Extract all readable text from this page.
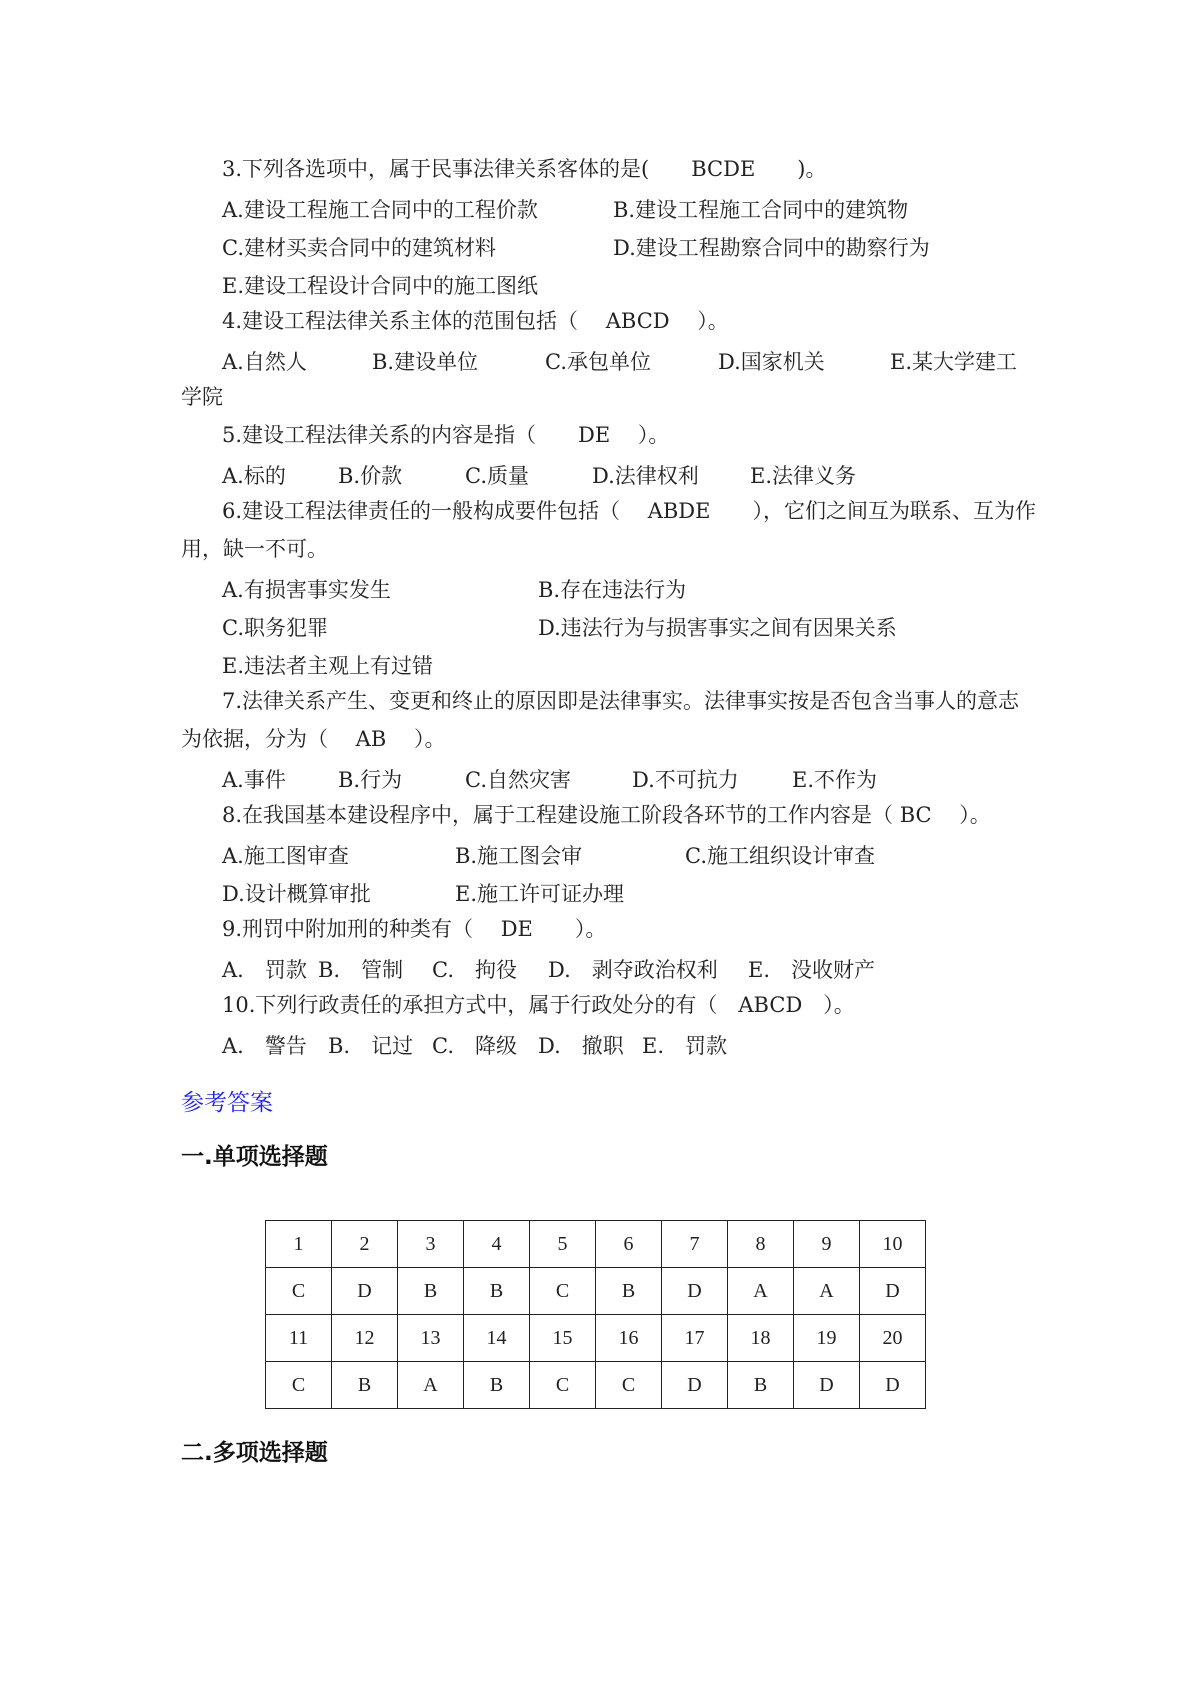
3.下列各选项中，属于民事法律关系客体的是(　　BCDE　　)。
A.建设工程施工合同中的工程价款	B.建设工程施工合同中的建筑物
C.建材买卖合同中的建筑材料	D.建设工程勘察合同中的勘察行为
E.建设工程设计合同中的施工图纸
4.建设工程法律关系主体的范围包括（　 ABCD　 ）。
A.自然人	B.建设单位	C.承包单位	D.国家机关	E.某大学建工
学院
5.建设工程法律关系的内容是指（　　DE　 ）。
A.标的 B.价款	C.质量	D.法律权利 E.法律义务
6.建设工程法律责任的一般构成要件包括（　 ABDE　　），它们之间互为联系、互为作
用，缺一不可。
A.有损害事实发生	B.存在违法行为
C.职务犯罪	D.违法行为与损害事实之间有因果关系
E.违法者主观上有过错
7.法律关系产生、变更和终止的原因即是法律事实。法律事实按是否包含当事人的意志
为依据，分为（　 AB　 ）。
A.事件 B.行为	C.自然灾害	D.不可抗力	E.不作为
8.在我国基本建设程序中，属于工程建设施工阶段各环节的工作内容是（ BC　 ）。
A.施工图审查	B.施工图会审	C.施工组织设计审查
D.设计概算审批	E.施工许可证办理
9.刑罚中附加刑的种类有（　 DE　　）。
A.　罚款 B.　管制 C.　拘役 D.　剥夺政治权利 E.　没收财产
10.下列行政责任的承担方式中，属于行政处分的有（　ABCD　）。
A.　警告 B.　记过 C.　降级 D.　撤职 E.　罚款
参考答案
一.单项选择题
1	2	3	4	5	6	7	8	9	10
C	D	B	B	C	B	D	A	A	D
11	12	13	14	15	16	17	18	19	20
C	B	A	B	C	C	D	B	D	D
二.多项选择题
